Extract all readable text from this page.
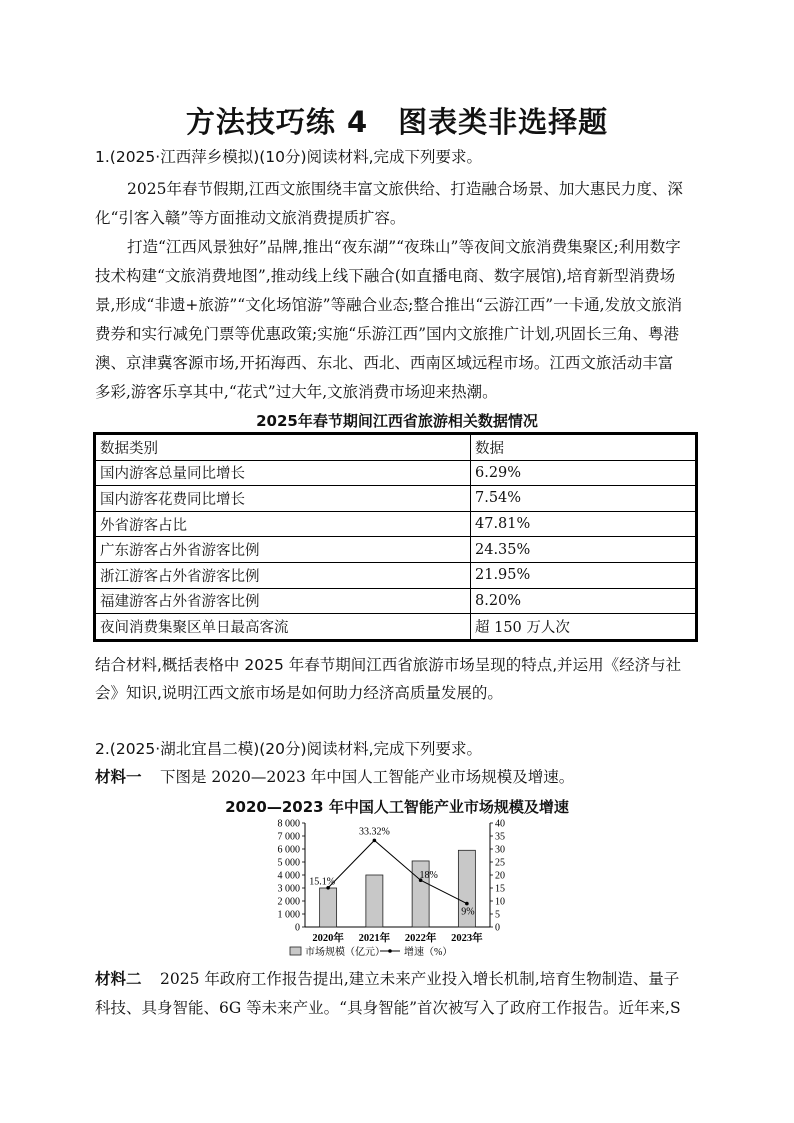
方法技巧练 4　图表类非选择题
1.(2025·江西萍乡模拟)(10分)阅读材料,完成下列要求。
2025年春节假期,江西文旅围绕丰富文旅供给、打造融合场景、加大惠民力度、深
化“引客入赣”等方面推动文旅消费提质扩容。
打造“江西风景独好”品牌,推出“夜东湖”“夜珠山”等夜间文旅消费集聚区;利用数字
技术构建“文旅消费地图”,推动线上线下融合(如直播电商、数字展馆),培育新型消费场
景,形成“非遗+旅游”“文化场馆游”等融合业态;整合推出“云游江西”一卡通,发放文旅消
费券和实行减免门票等优惠政策;实施“乐游江西”国内文旅推广计划,巩固长三角、粤港
澳、京津冀客源市场,开拓海西、东北、西北、西南区域远程市场。江西文旅活动丰富
多彩,游客乐享其中,“花式”过大年,文旅消费市场迎来热潮。
2025年春节期间江西省旅游相关数据情况
数据类别	数据
国内游客总量同比增长	6.29%
国内游客花费同比增长	7.54%
外省游客占比	47.81%
广东游客占外省游客比例	24.35%
浙江游客占外省游客比例	21.95%
福建游客占外省游客比例	8.20%
夜间消费集聚区单日最高客流	超 150 万人次
结合材料,概括表格中 2025 年春节期间江西省旅游市场呈现的特点,并运用《经济与社
会》知识,说明江西文旅市场是如何助力经济高质量发展的。
2.(2025·湖北宜昌二模)(20分)阅读材料,完成下列要求。
材料一	下图是 2020—2023 年中国人工智能产业市场规模及增速。
2020—2023 年中国人工智能产业市场规模及增速
0
1 000
2 000
3 000
4 000
5 000
6 000
7 000
8 000
0
5
10
15
20
25
30
35
40
15.1%
33.32%
18%
9%
2020年 2021年 2022年 2023年
市场规模（亿元） 增速（%）
材料二	2025 年政府工作报告提出,建立未来产业投入增长机制,培育生物制造、量子
科技、具身智能、6G 等未来产业。“具身智能”首次被写入了政府工作报告。近年来,S
